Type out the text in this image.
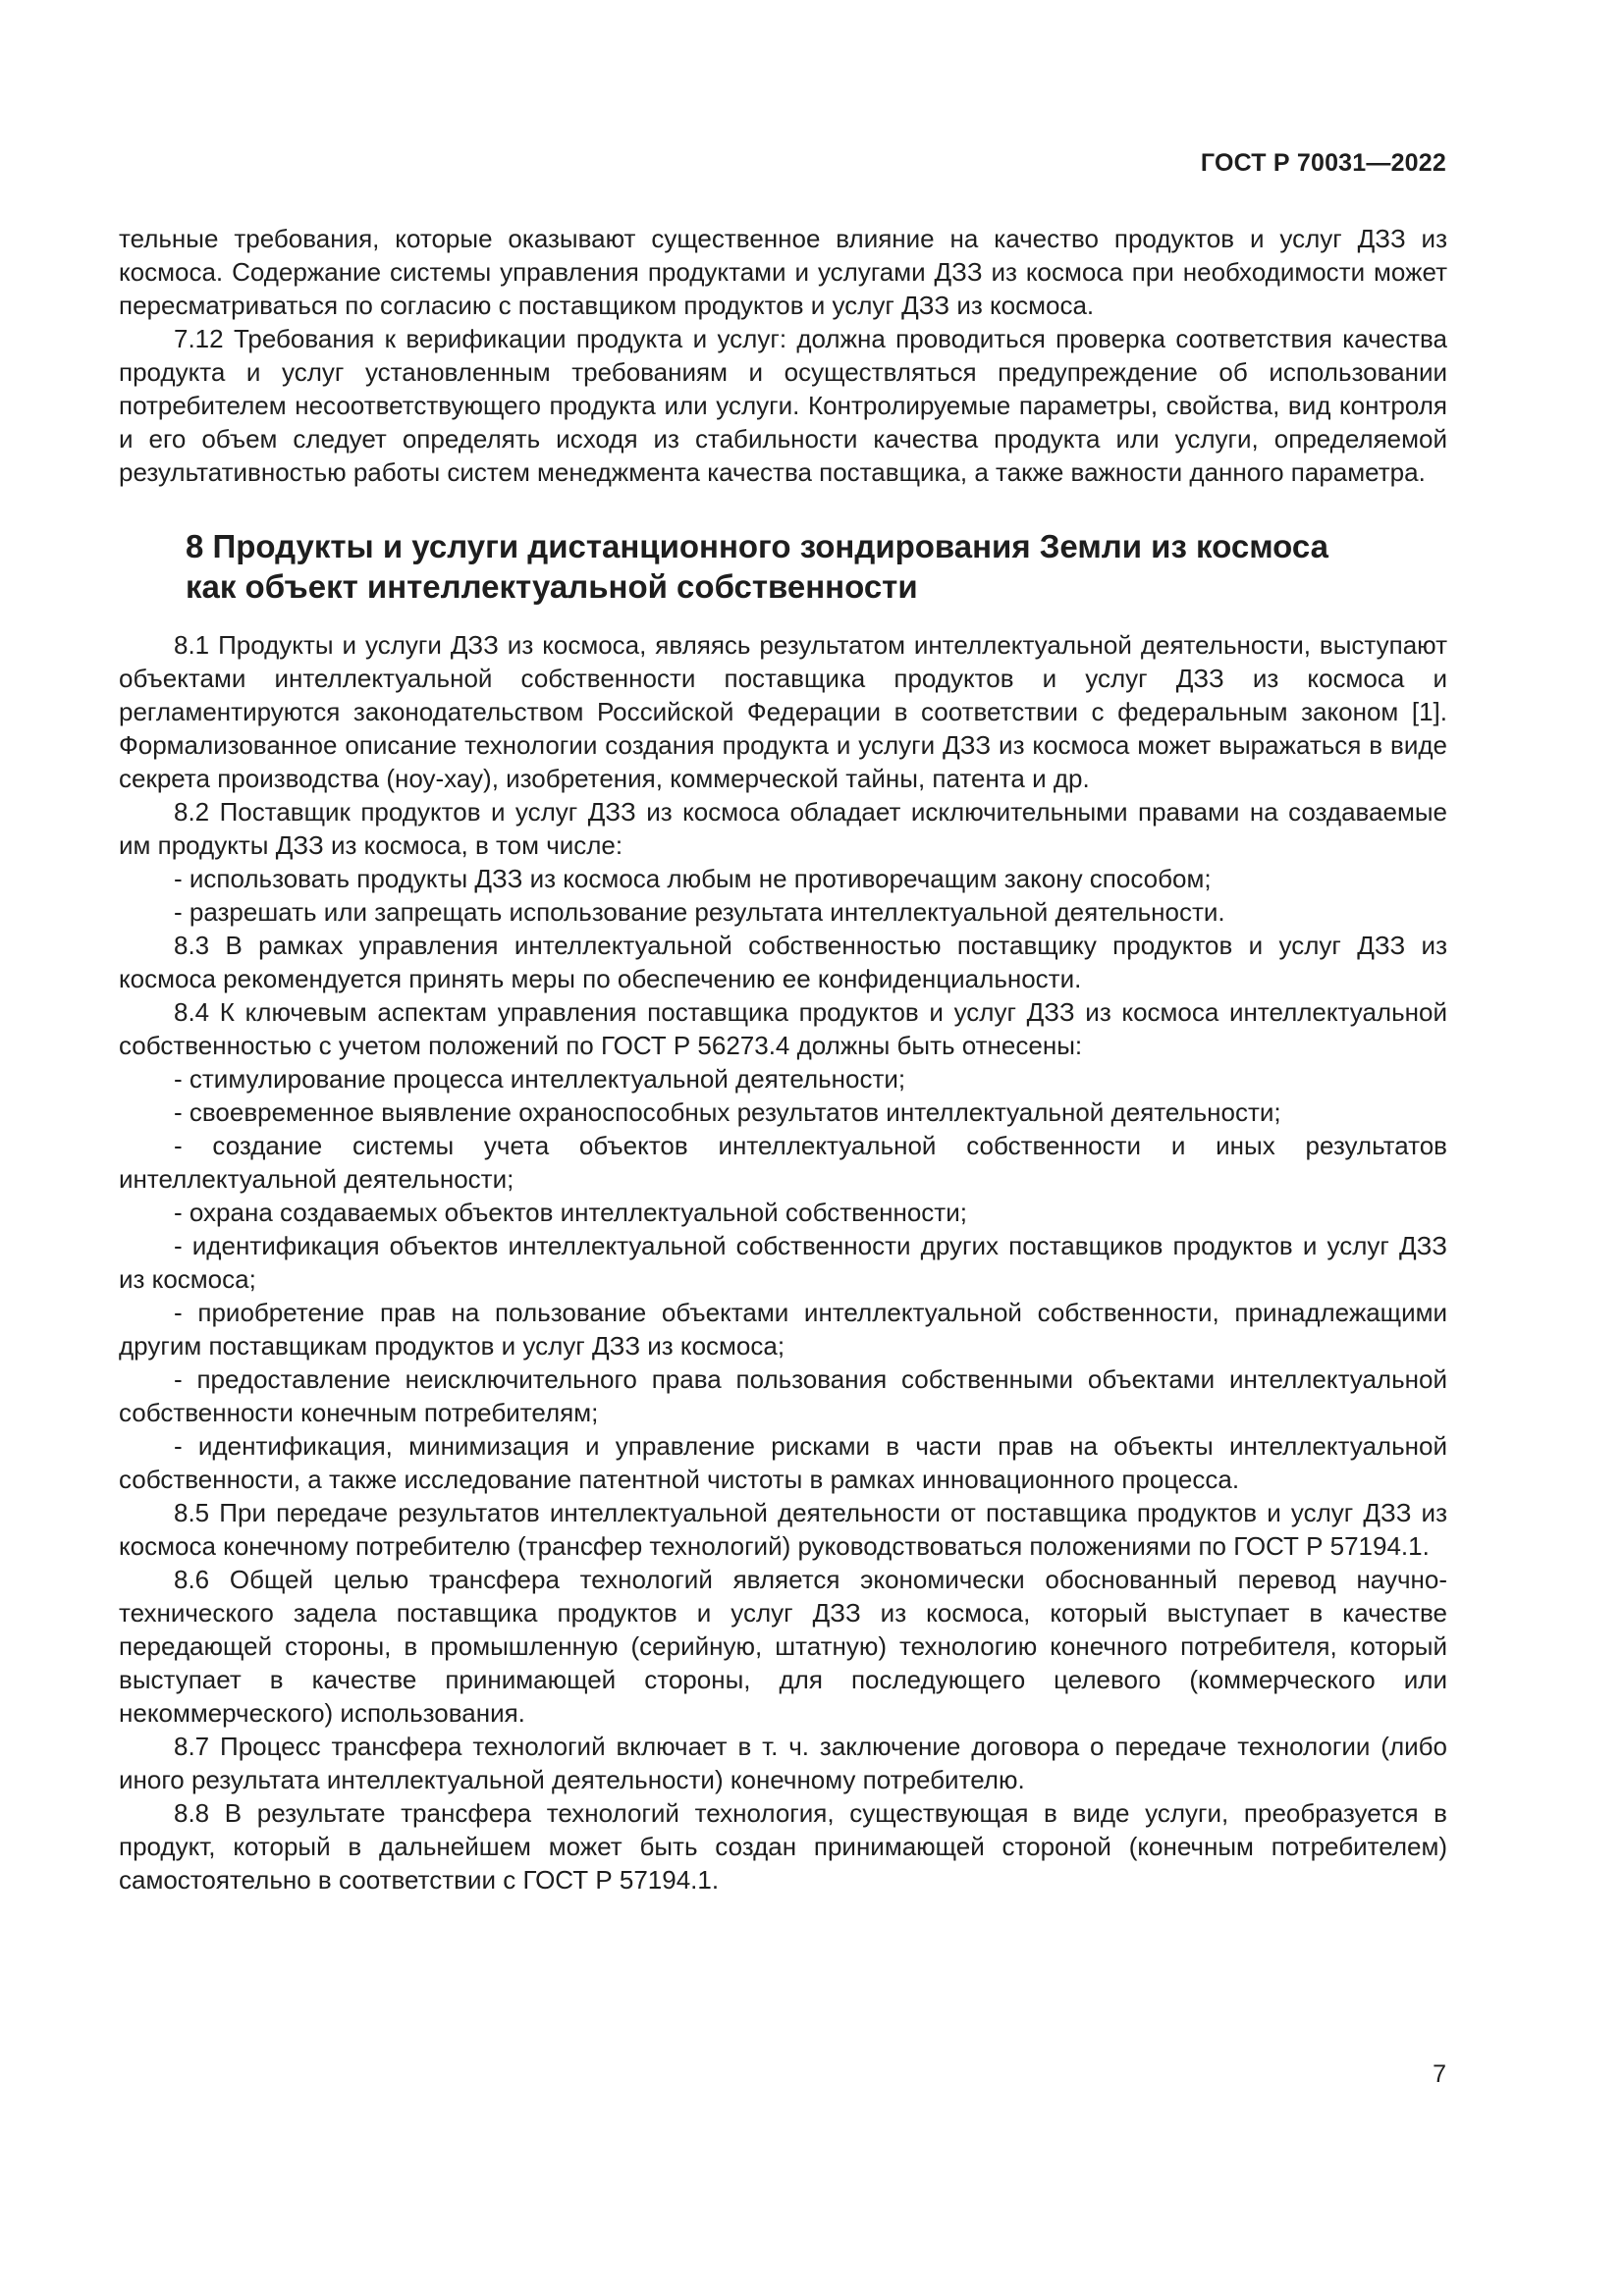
ГОСТ Р 70031—2022

тельные требования, которые оказывают существенное влияние на качество продуктов и услуг ДЗЗ из космоса. Содержание системы управления продуктами и услугами ДЗЗ из космоса при необходимости может пересматриваться по согласию с поставщиком продуктов и услуг ДЗЗ из космоса.

7.12 Требования к верификации продукта и услуг: должна проводиться проверка соответствия качества продукта и услуг установленным требованиям и осуществляться предупреждение об использовании потребителем несоответствующего продукта или услуги. Контролируемые параметры, свойства, вид контроля и его объем следует определять исходя из стабильности качества продукта или услуги, определяемой результативностью работы систем менеджмента качества поставщика, а также важности данного параметра.

8 Продукты и услуги дистанционного зондирования Земли из космоса
как объект интеллектуальной собственности

8.1 Продукты и услуги ДЗЗ из космоса, являясь результатом интеллектуальной деятельности, выступают объектами интеллектуальной собственности поставщика продуктов и услуг ДЗЗ из космоса и регламентируются законодательством Российской Федерации в соответствии с федеральным законом [1]. Формализованное описание технологии создания продукта и услуги ДЗЗ из космоса может выражаться в виде секрета производства (ноу-хау), изобретения, коммерческой тайны, патента и др.

8.2 Поставщик продуктов и услуг ДЗЗ из космоса обладает исключительными правами на создаваемые им продукты ДЗЗ из космоса, в том числе:

- использовать продукты ДЗЗ из космоса любым не противоречащим закону способом;

- разрешать или запрещать использование результата интеллектуальной деятельности.

8.3 В рамках управления интеллектуальной собственностью поставщику продуктов и услуг ДЗЗ из космоса рекомендуется принять меры по обеспечению ее конфиденциальности.

8.4 К ключевым аспектам управления поставщика продуктов и услуг ДЗЗ из космоса интеллектуальной собственностью с учетом положений по ГОСТ Р 56273.4 должны быть отнесены:

- стимулирование процесса интеллектуальной деятельности;

- своевременное выявление охраноспособных результатов интеллектуальной деятельности;

- создание системы учета объектов интеллектуальной собственности и иных результатов интеллектуальной деятельности;

- охрана создаваемых объектов интеллектуальной собственности;

- идентификация объектов интеллектуальной собственности других поставщиков продуктов и услуг ДЗЗ из космоса;

- приобретение прав на пользование объектами интеллектуальной собственности, принадлежащими другим поставщикам продуктов и услуг ДЗЗ из космоса;

- предоставление неисключительного права пользования собственными объектами интеллектуальной собственности конечным потребителям;

- идентификация, минимизация и управление рисками в части прав на объекты интеллектуальной собственности, а также исследование патентной чистоты в рамках инновационного процесса.

8.5 При передаче результатов интеллектуальной деятельности от поставщика продуктов и услуг ДЗЗ из космоса конечному потребителю (трансфер технологий) руководствоваться положениями по ГОСТ Р 57194.1.

8.6 Общей целью трансфера технологий является экономически обоснованный перевод научно-технического задела поставщика продуктов и услуг ДЗЗ из космоса, который выступает в качестве передающей стороны, в промышленную (серийную, штатную) технологию конечного потребителя, который выступает в качестве принимающей стороны, для последующего целевого (коммерческого или некоммерческого) использования.

8.7 Процесс трансфера технологий включает в т. ч. заключение договора о передаче технологии (либо иного результата интеллектуальной деятельности) конечному потребителю.

8.8 В результате трансфера технологий технология, существующая в виде услуги, преобразуется в продукт, который в дальнейшем может быть создан принимающей стороной (конечным потребителем) самостоятельно в соответствии с ГОСТ Р 57194.1.

7
